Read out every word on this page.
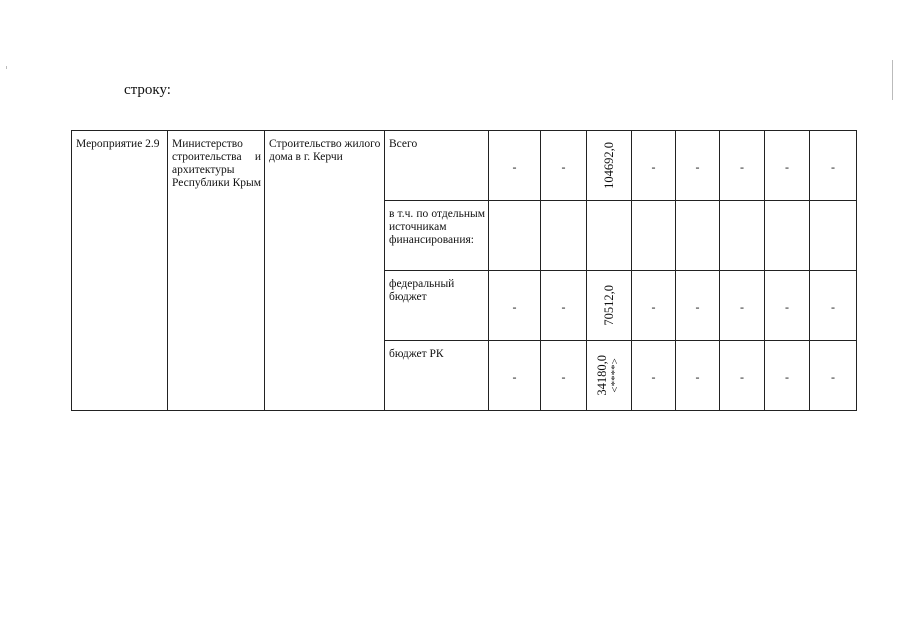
строку:
Мероприятие 2.9	Министерство строительства и архитектуры Республики Крым	Строительство жилого дома в г. Керчи	Всего	-	-	104692,0	-	-	-	-	-

			в т.ч. по отдельным источникам финансирования:								

			федеральный бюджет	-	-	70512,0	-	-	-	-	-

			бюджет РК	-	-	34180,0 <****>	-	-	-	-	-
